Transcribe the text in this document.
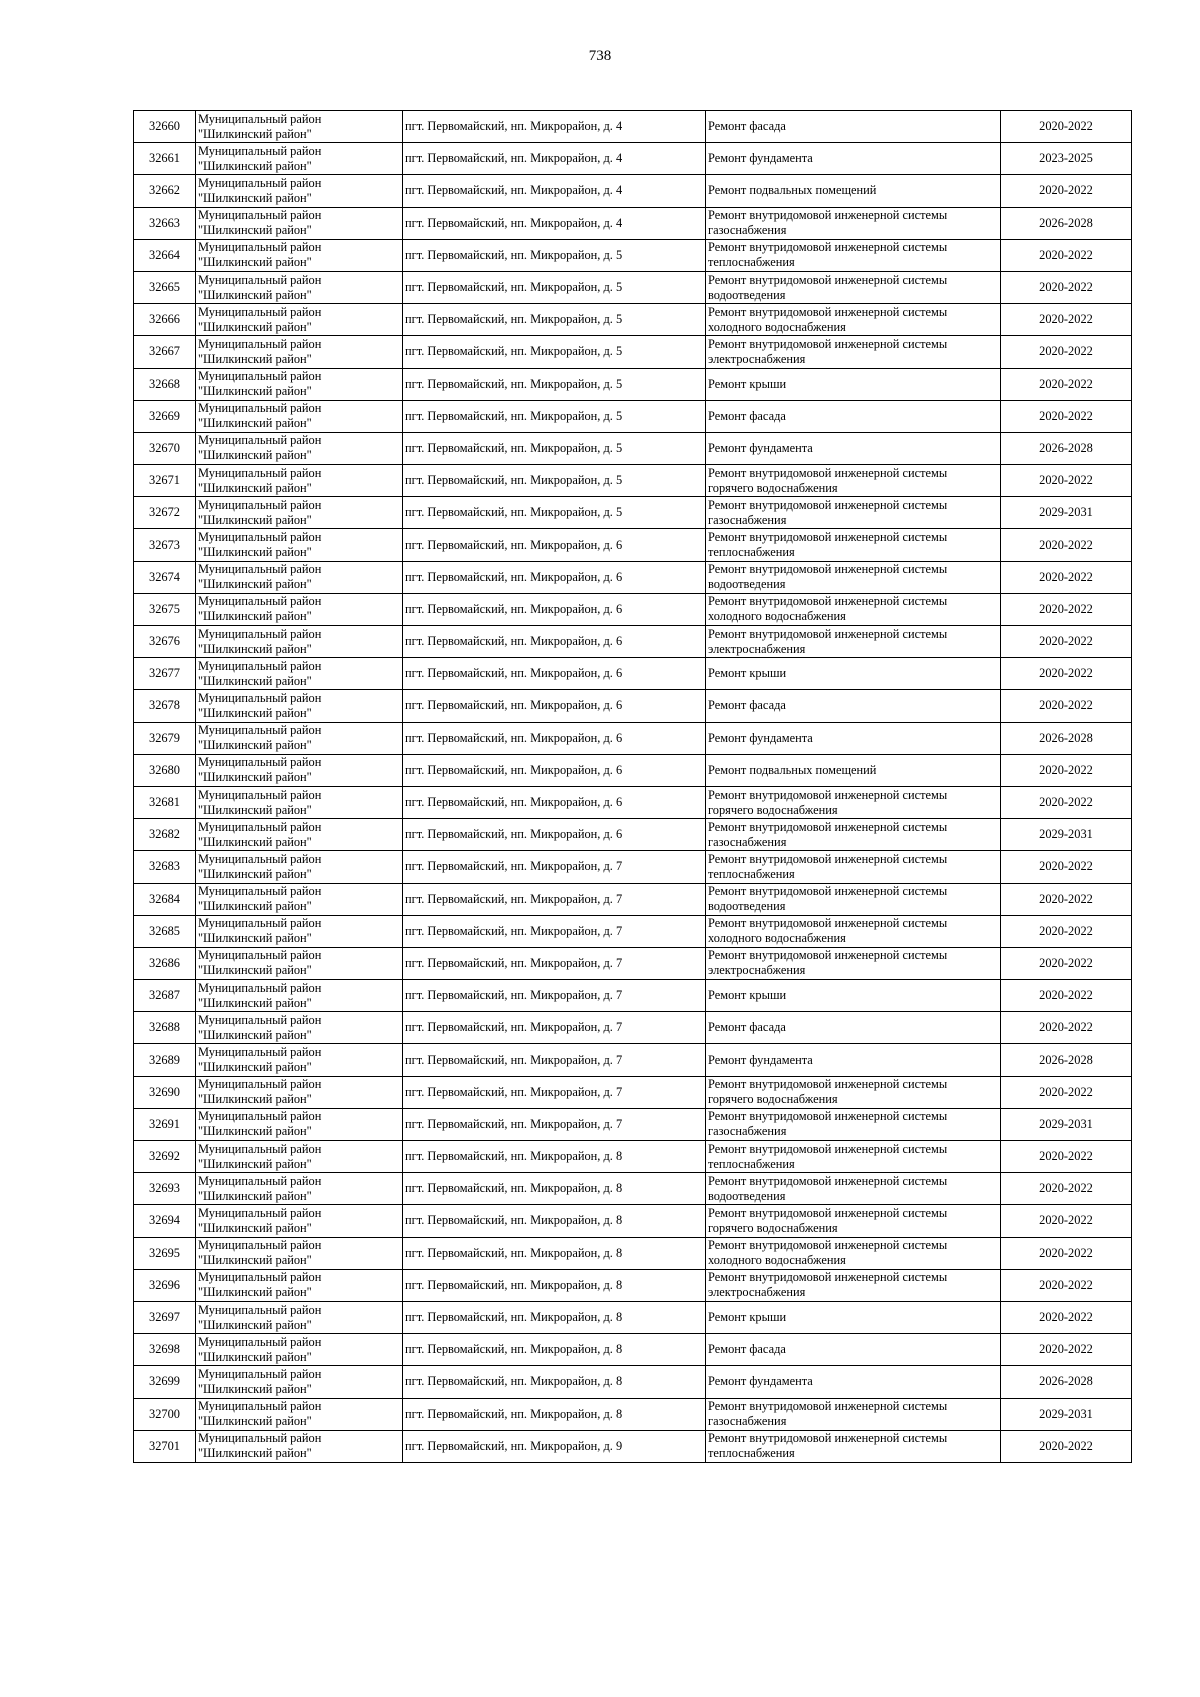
738
32660	Муниципальный район
"Шилкинский район"	пгт. Первомайский, нп. Микрорайон, д. 4	Ремонт фасада	2020-2022
32661	Муниципальный район
"Шилкинский район"	пгт. Первомайский, нп. Микрорайон, д. 4	Ремонт фундамента	2023-2025
32662	Муниципальный район
"Шилкинский район"	пгт. Первомайский, нп. Микрорайон, д. 4	Ремонт подвальных помещений	2020-2022
32663	Муниципальный район
"Шилкинский район"	пгт. Первомайский, нп. Микрорайон, д. 4	Ремонт внутридомовой инженерной системы
газоснабжения	2026-2028
32664	Муниципальный район
"Шилкинский район"	пгт. Первомайский, нп. Микрорайон, д. 5	Ремонт внутридомовой инженерной системы
теплоснабжения	2020-2022
32665	Муниципальный район
"Шилкинский район"	пгт. Первомайский, нп. Микрорайон, д. 5	Ремонт внутридомовой инженерной системы
водоотведения	2020-2022
32666	Муниципальный район
"Шилкинский район"	пгт. Первомайский, нп. Микрорайон, д. 5	Ремонт внутридомовой инженерной системы
холодного водоснабжения	2020-2022
32667	Муниципальный район
"Шилкинский район"	пгт. Первомайский, нп. Микрорайон, д. 5	Ремонт внутридомовой инженерной системы
электроснабжения	2020-2022
32668	Муниципальный район
"Шилкинский район"	пгт. Первомайский, нп. Микрорайон, д. 5	Ремонт крыши	2020-2022
32669	Муниципальный район
"Шилкинский район"	пгт. Первомайский, нп. Микрорайон, д. 5	Ремонт фасада	2020-2022
32670	Муниципальный район
"Шилкинский район"	пгт. Первомайский, нп. Микрорайон, д. 5	Ремонт фундамента	2026-2028
32671	Муниципальный район
"Шилкинский район"	пгт. Первомайский, нп. Микрорайон, д. 5	Ремонт внутридомовой инженерной системы
горячего водоснабжения	2020-2022
32672	Муниципальный район
"Шилкинский район"	пгт. Первомайский, нп. Микрорайон, д. 5	Ремонт внутридомовой инженерной системы
газоснабжения	2029-2031
32673	Муниципальный район
"Шилкинский район"	пгт. Первомайский, нп. Микрорайон, д. 6	Ремонт внутридомовой инженерной системы
теплоснабжения	2020-2022
32674	Муниципальный район
"Шилкинский район"	пгт. Первомайский, нп. Микрорайон, д. 6	Ремонт внутридомовой инженерной системы
водоотведения	2020-2022
32675	Муниципальный район
"Шилкинский район"	пгт. Первомайский, нп. Микрорайон, д. 6	Ремонт внутридомовой инженерной системы
холодного водоснабжения	2020-2022
32676	Муниципальный район
"Шилкинский район"	пгт. Первомайский, нп. Микрорайон, д. 6	Ремонт внутридомовой инженерной системы
электроснабжения	2020-2022
32677	Муниципальный район
"Шилкинский район"	пгт. Первомайский, нп. Микрорайон, д. 6	Ремонт крыши	2020-2022
32678	Муниципальный район
"Шилкинский район"	пгт. Первомайский, нп. Микрорайон, д. 6	Ремонт фасада	2020-2022
32679	Муниципальный район
"Шилкинский район"	пгт. Первомайский, нп. Микрорайон, д. 6	Ремонт фундамента	2026-2028
32680	Муниципальный район
"Шилкинский район"	пгт. Первомайский, нп. Микрорайон, д. 6	Ремонт подвальных помещений	2020-2022
32681	Муниципальный район
"Шилкинский район"	пгт. Первомайский, нп. Микрорайон, д. 6	Ремонт внутридомовой инженерной системы
горячего водоснабжения	2020-2022
32682	Муниципальный район
"Шилкинский район"	пгт. Первомайский, нп. Микрорайон, д. 6	Ремонт внутридомовой инженерной системы
газоснабжения	2029-2031
32683	Муниципальный район
"Шилкинский район"	пгт. Первомайский, нп. Микрорайон, д. 7	Ремонт внутридомовой инженерной системы
теплоснабжения	2020-2022
32684	Муниципальный район
"Шилкинский район"	пгт. Первомайский, нп. Микрорайон, д. 7	Ремонт внутридомовой инженерной системы
водоотведения	2020-2022
32685	Муниципальный район
"Шилкинский район"	пгт. Первомайский, нп. Микрорайон, д. 7	Ремонт внутридомовой инженерной системы
холодного водоснабжения	2020-2022
32686	Муниципальный район
"Шилкинский район"	пгт. Первомайский, нп. Микрорайон, д. 7	Ремонт внутридомовой инженерной системы
электроснабжения	2020-2022
32687	Муниципальный район
"Шилкинский район"	пгт. Первомайский, нп. Микрорайон, д. 7	Ремонт крыши	2020-2022
32688	Муниципальный район
"Шилкинский район"	пгт. Первомайский, нп. Микрорайон, д. 7	Ремонт фасада	2020-2022
32689	Муниципальный район
"Шилкинский район"	пгт. Первомайский, нп. Микрорайон, д. 7	Ремонт фундамента	2026-2028
32690	Муниципальный район
"Шилкинский район"	пгт. Первомайский, нп. Микрорайон, д. 7	Ремонт внутридомовой инженерной системы
горячего водоснабжения	2020-2022
32691	Муниципальный район
"Шилкинский район"	пгт. Первомайский, нп. Микрорайон, д. 7	Ремонт внутридомовой инженерной системы
газоснабжения	2029-2031
32692	Муниципальный район
"Шилкинский район"	пгт. Первомайский, нп. Микрорайон, д. 8	Ремонт внутридомовой инженерной системы
теплоснабжения	2020-2022
32693	Муниципальный район
"Шилкинский район"	пгт. Первомайский, нп. Микрорайон, д. 8	Ремонт внутридомовой инженерной системы
водоотведения	2020-2022
32694	Муниципальный район
"Шилкинский район"	пгт. Первомайский, нп. Микрорайон, д. 8	Ремонт внутридомовой инженерной системы
горячего водоснабжения	2020-2022
32695	Муниципальный район
"Шилкинский район"	пгт. Первомайский, нп. Микрорайон, д. 8	Ремонт внутридомовой инженерной системы
холодного водоснабжения	2020-2022
32696	Муниципальный район
"Шилкинский район"	пгт. Первомайский, нп. Микрорайон, д. 8	Ремонт внутридомовой инженерной системы
электроснабжения	2020-2022
32697	Муниципальный район
"Шилкинский район"	пгт. Первомайский, нп. Микрорайон, д. 8	Ремонт крыши	2020-2022
32698	Муниципальный район
"Шилкинский район"	пгт. Первомайский, нп. Микрорайон, д. 8	Ремонт фасада	2020-2022
32699	Муниципальный район
"Шилкинский район"	пгт. Первомайский, нп. Микрорайон, д. 8	Ремонт фундамента	2026-2028
32700	Муниципальный район
"Шилкинский район"	пгт. Первомайский, нп. Микрорайон, д. 8	Ремонт внутридомовой инженерной системы
газоснабжения	2029-2031
32701	Муниципальный район
"Шилкинский район"	пгт. Первомайский, нп. Микрорайон, д. 9	Ремонт внутридомовой инженерной системы
теплоснабжения	2020-2022
